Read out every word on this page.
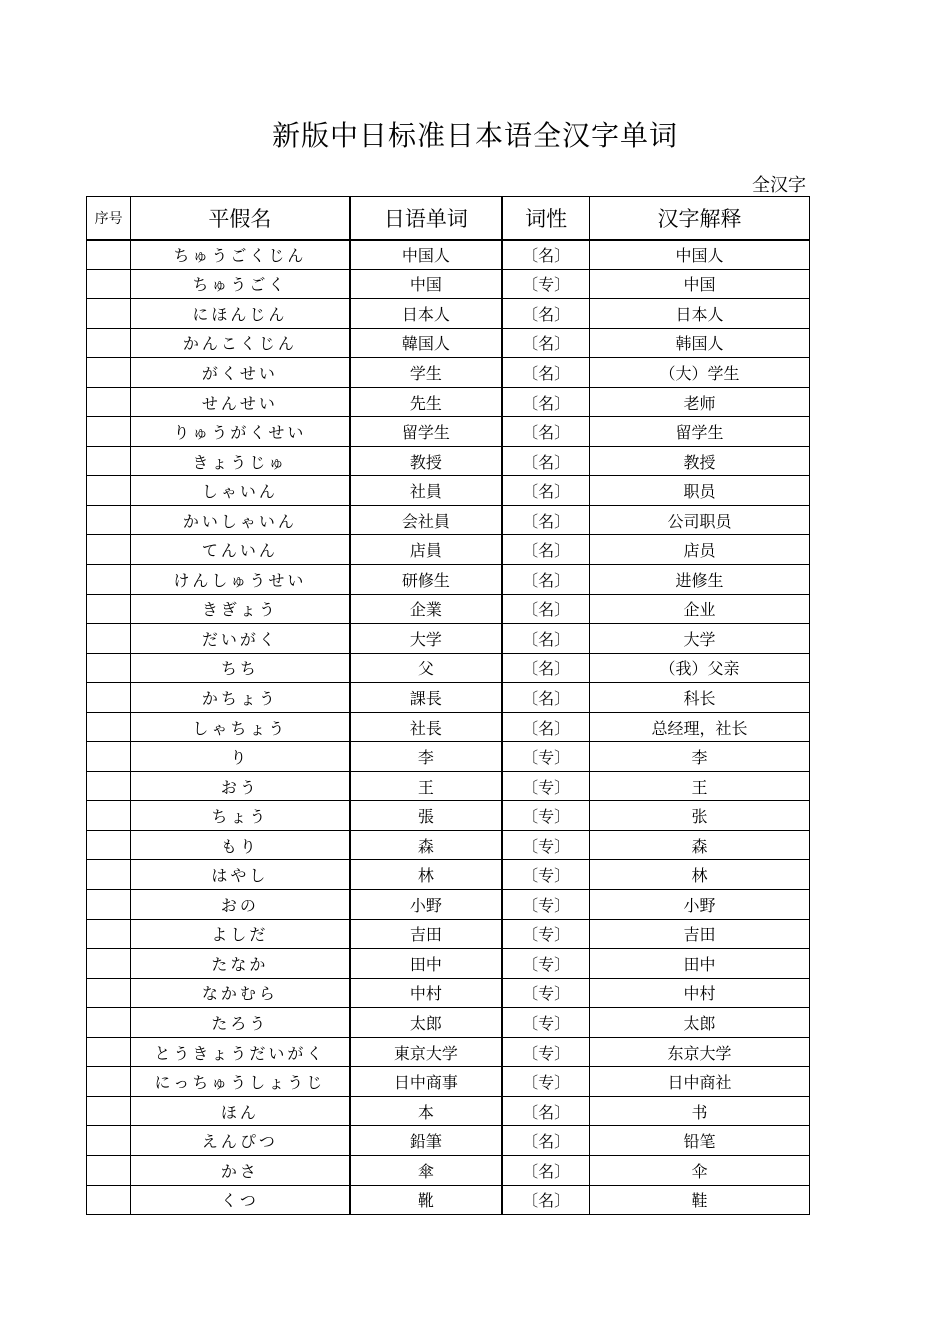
新版中日标准日本语全汉字单词
全汉字
序号	平假名	日语单词	词性	汉字解释
	ちゅうごくじん	中国人	〔名〕	中国人
	ちゅうごく	中国	〔专〕	中国
	にほんじん	日本人	〔名〕	日本人
	かんこくじん	韓国人	〔名〕	韩国人
	がくせい	学生	〔名〕	（大）学生
	せんせい	先生	〔名〕	老师
	りゅうがくせい	留学生	〔名〕	留学生
	きょうじゅ	教授	〔名〕	教授
	しゃいん	社員	〔名〕	职员
	かいしゃいん	会社員	〔名〕	公司职员
	てんいん	店員	〔名〕	店员
	けんしゅうせい	研修生	〔名〕	进修生
	きぎょう	企業	〔名〕	企业
	だいがく	大学	〔名〕	大学
	ちち	父	〔名〕	（我）父亲
	かちょう	課長	〔名〕	科长
	しゃちょう	社長	〔名〕	总经理，社长
	り	李	〔专〕	李
	おう	王	〔专〕	王
	ちょう	張	〔专〕	张
	もり	森	〔专〕	森
	はやし	林	〔专〕	林
	おの	小野	〔专〕	小野
	よしだ	吉田	〔专〕	吉田
	たなか	田中	〔专〕	田中
	なかむら	中村	〔专〕	中村
	たろう	太郎	〔专〕	太郎
	とうきょうだいがく	東京大学	〔专〕	东京大学
	にっちゅうしょうじ	日中商事	〔专〕	日中商社
	ほん	本	〔名〕	书
	えんぴつ	鉛筆	〔名〕	铅笔
	かさ	傘	〔名〕	伞
	くつ	靴	〔名〕	鞋
